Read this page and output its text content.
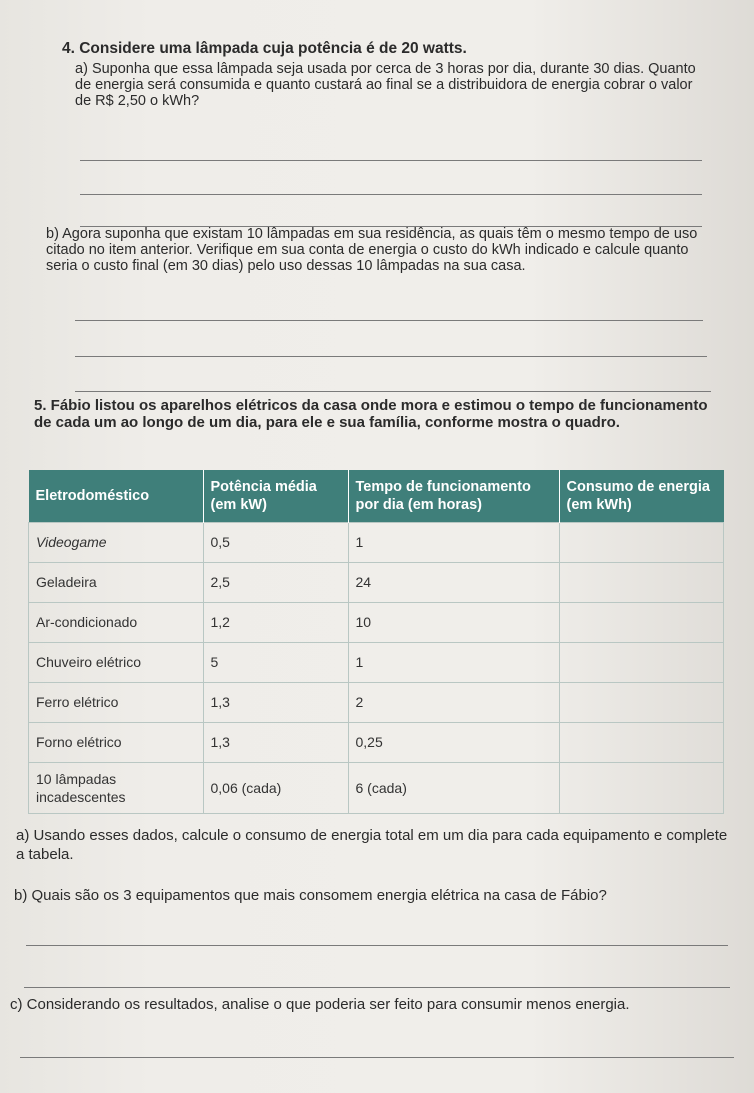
4. Considere uma lâmpada cuja potência é de 20 watts.
a) Suponha que essa lâmpada seja usada por cerca de 3 horas por dia, durante 30 dias. Quanto de energia será consumida e quanto custará ao final se a distribuidora de energia cobrar o valor de R$ 2,50 o kWh?
b) Agora suponha que existam 10 lâmpadas em sua residência, as quais têm o mesmo tempo de uso citado no item anterior. Verifique em sua conta de energia o custo do kWh indicado e calcule quanto seria o custo final (em 30 dias) pelo uso dessas 10 lâmpadas na sua casa.
5. Fábio listou os aparelhos elétricos da casa onde mora e estimou o tempo de funcionamento de cada um ao longo de um dia, para ele e sua família, conforme mostra o quadro.
Eletrodoméstico	Potência média (em kW)	Tempo de funcionamento por dia (em horas)	Consumo de energia (em kWh)
Videogame	0,5	1	
Geladeira	2,5	24	
Ar-condicionado	1,2	10	
Chuveiro elétrico	5	1	
Ferro elétrico	1,3	2	
Forno elétrico	1,3	0,25	
10 lâmpadas incadescentes	0,06 (cada)	6 (cada)	
a) Usando esses dados, calcule o consumo de energia total em um dia para cada equipamento e complete a tabela.
b) Quais são os 3 equipamentos que mais consomem energia elétrica na casa de Fábio?
c) Considerando os resultados, analise o que poderia ser feito para consumir menos energia.
